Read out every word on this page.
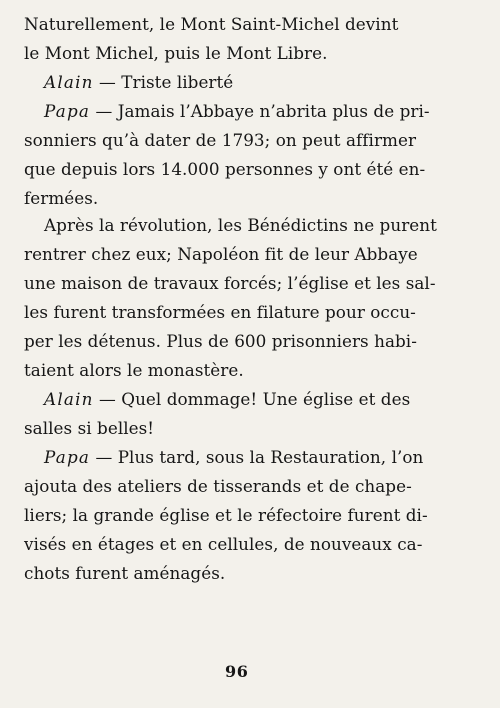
Naturellement, le Mont Saint-Michel devint
le Mont Michel, puis le Mont Libre.
Alain — Triste liberté
Papa — Jamais l’Abbaye n’abrita plus de pri-
sonniers qu’à dater de 1793; on peut affirmer
que depuis lors 14.000 personnes y ont été en-
fermées.
Après la révolution, les Bénédictins ne purent
rentrer chez eux; Napoléon fit de leur Abbaye
une maison de travaux forcés; l’église et les sal-
les furent transformées en filature pour occu-
per les détenus. Plus de 600 prisonniers habi-
taient alors le monastère.
Alain — Quel dommage! Une église et des
salles si belles!
Papa — Plus tard, sous la Restauration, l’on
ajouta des ateliers de tisserands et de chape-
liers; la grande église et le réfectoire furent di-
visés en étages et en cellules, de nouveaux ca-
chots furent aménagés.
96
